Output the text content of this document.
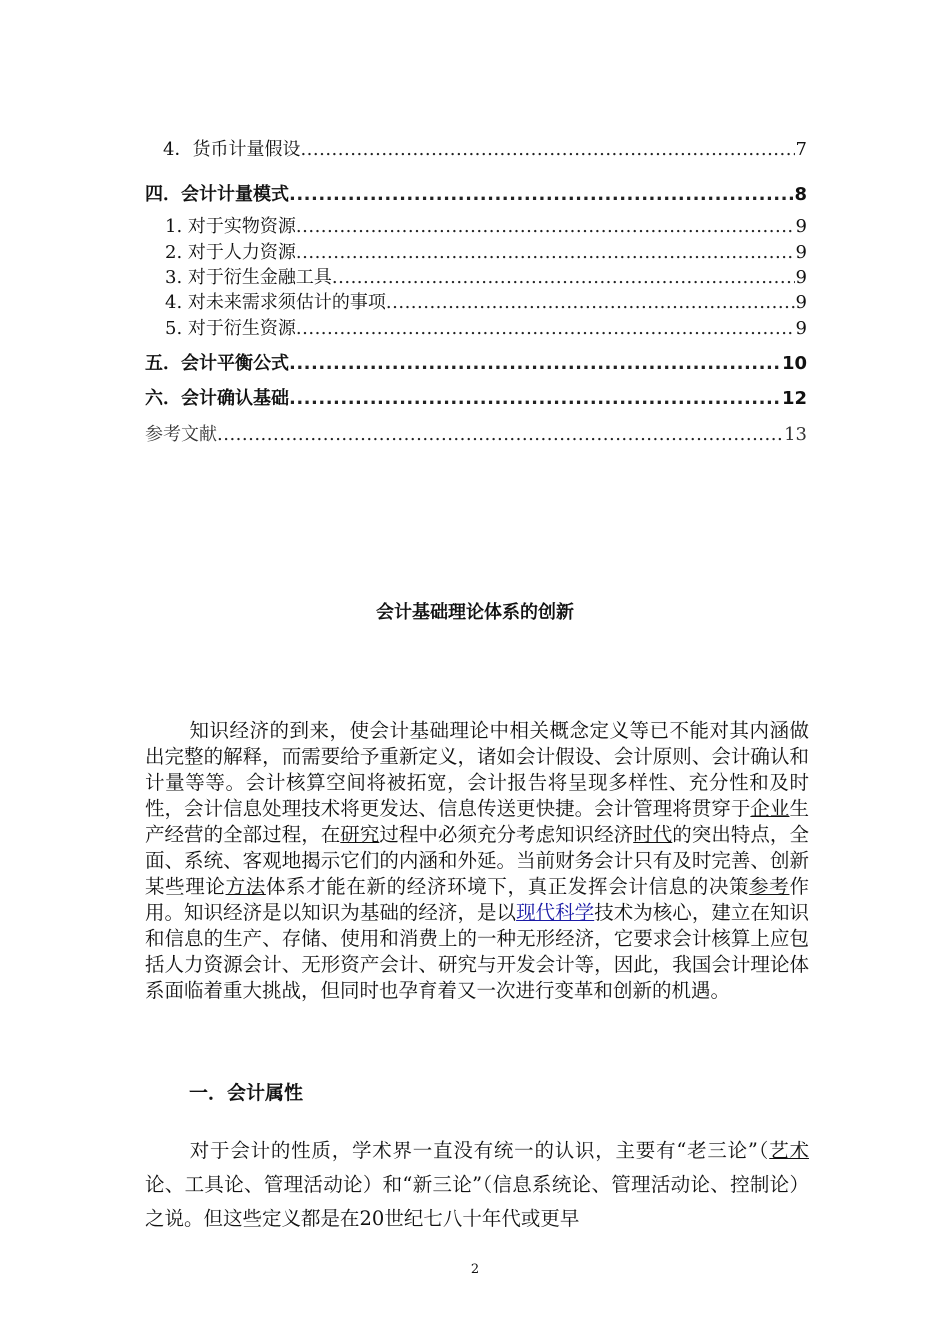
4．货币计量假设 .....	7
四．会计计量模式 .....	8
1. 对于实物资源 .....	9
2. 对于人力资源 .....	9
3. 对于衍生金融工具 .....	9
4. 对未来需求须估计的事项 .....	9
5. 对于衍生资源 .....	9
五．会计平衡公式 .....	10
六．会计确认基础 .....	12
参考文献 .....	13
会计基础理论体系的创新
知识经济的到来，使会计基础理论中相关概念定义等已不能对其内涵做出完整的解释，而需要给予重新定义，诸如会计假设、会计原则、会计确认和计量等等。会计核算空间将被拓宽，会计报告将呈现多样性、充分性和及时性，会计信息处理技术将更发达、信息传送更快捷。会计管理将贯穿于企业生产经营的全部过程，在研究过程中必须充分考虑知识经济时代的突出特点，全面、系统、客观地揭示它们的内涵和外延。当前财务会计只有及时完善、创新某些理论方法体系才能在新的经济环境下，真正发挥会计信息的决策参考作用。知识经济是以知识为基础的经济，是以现代科学技术为核心，建立在知识和信息的生产、存储、使用和消费上的一种无形经济，它要求会计核算上应包括人力资源会计、无形资产会计、研究与开发会计等，因此，我国会计理论体系面临着重大挑战，但同时也孕育着又一次进行变革和创新的机遇。
一．会计属性
对于会计的性质，学术界一直没有统一的认识，主要有“老三论”（艺术论、工具论、管理活动论）和“新三论”（信息系统论、管理活动论、控制论）之说。但这些定义都是在20世纪七八十年代或更早
2
